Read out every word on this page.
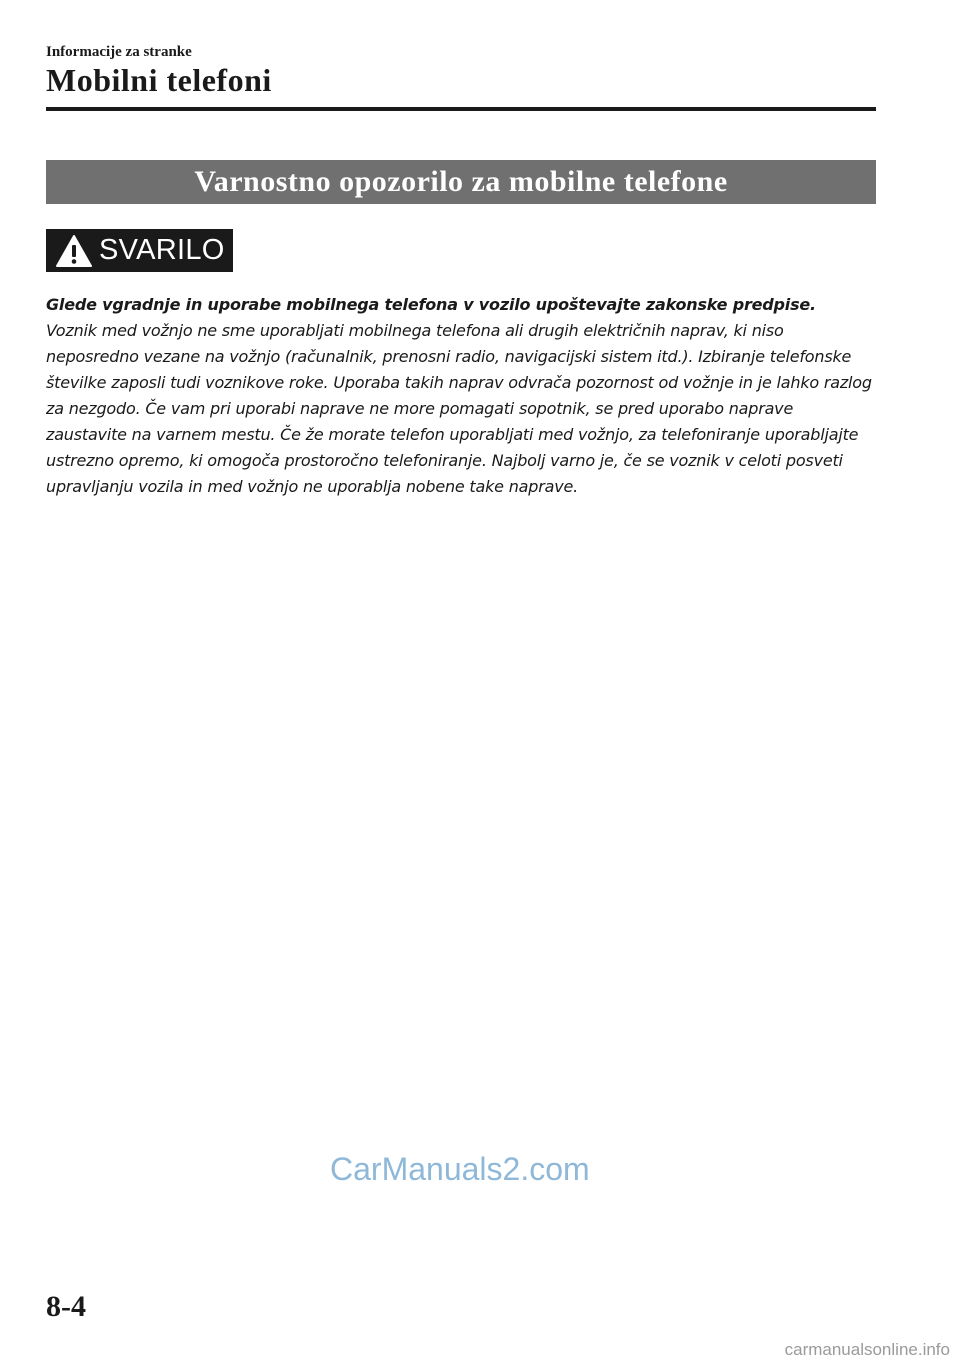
Informacije za stranke
Mobilni telefoni
Varnostno opozorilo za mobilne telefone
SVARILO

Glede vgradnje in uporabe mobilnega telefona v vozilo upoštevajte zakonske predpise.

Voznik med vožnjo ne sme uporabljati mobilnega telefona ali drugih električnih naprav, ki niso neposredno vezane na vožnjo (računalnik, prenosni radio, navigacijski sistem itd.). Izbiranje telefonske številke zaposli tudi voznikove roke. Uporaba takih naprav odvrača pozornost od vožnje in je lahko razlog za nezgodo. Če vam pri uporabi naprave ne more pomagati sopotnik, se pred uporabo naprave zaustavite na varnem mestu. Če že morate telefon uporabljati med vožnjo, za telefoniranje uporabljajte ustrezno opremo, ki omogoča prostoročno telefoniranje. Najbolj varno je, če se voznik v celoti posveti upravljanju vozila in med vožnjo ne uporablja nobene take naprave.

CarManuals2.com
8-4
carmanualsonline.info
